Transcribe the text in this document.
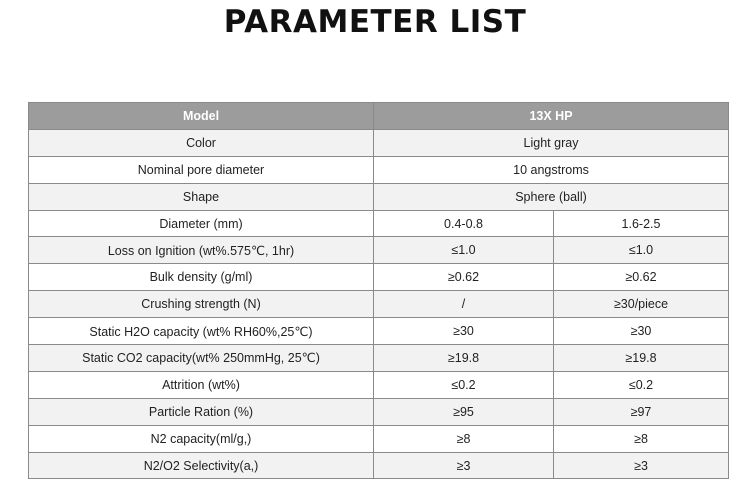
PARAMETER LIST
Model	13X HP	
Color	Light gray	
Nominal pore diameter	10 angstroms	
Shape	Sphere (ball)	
Diameter (mm)	0.4-0.8	1.6-2.5
Loss on Ignition (wt%.575℃, 1hr)	≤1.0	≤1.0
Bulk density (g/ml)	≥0.62	≥0.62
Crushing strength (N)	/	≥30/piece
Static H2O capacity (wt% RH60%,25℃)	≥30	≥30
Static CO2 capacity(wt% 250mmHg, 25℃)	≥19.8	≥19.8
Attrition (wt%)	≤0.2	≤0.2
Particle Ration (%)	≥95	≥97
N2 capacity(ml/g,)	≥8	≥8
N2/O2 Selectivity(a,)	≥3	≥3
